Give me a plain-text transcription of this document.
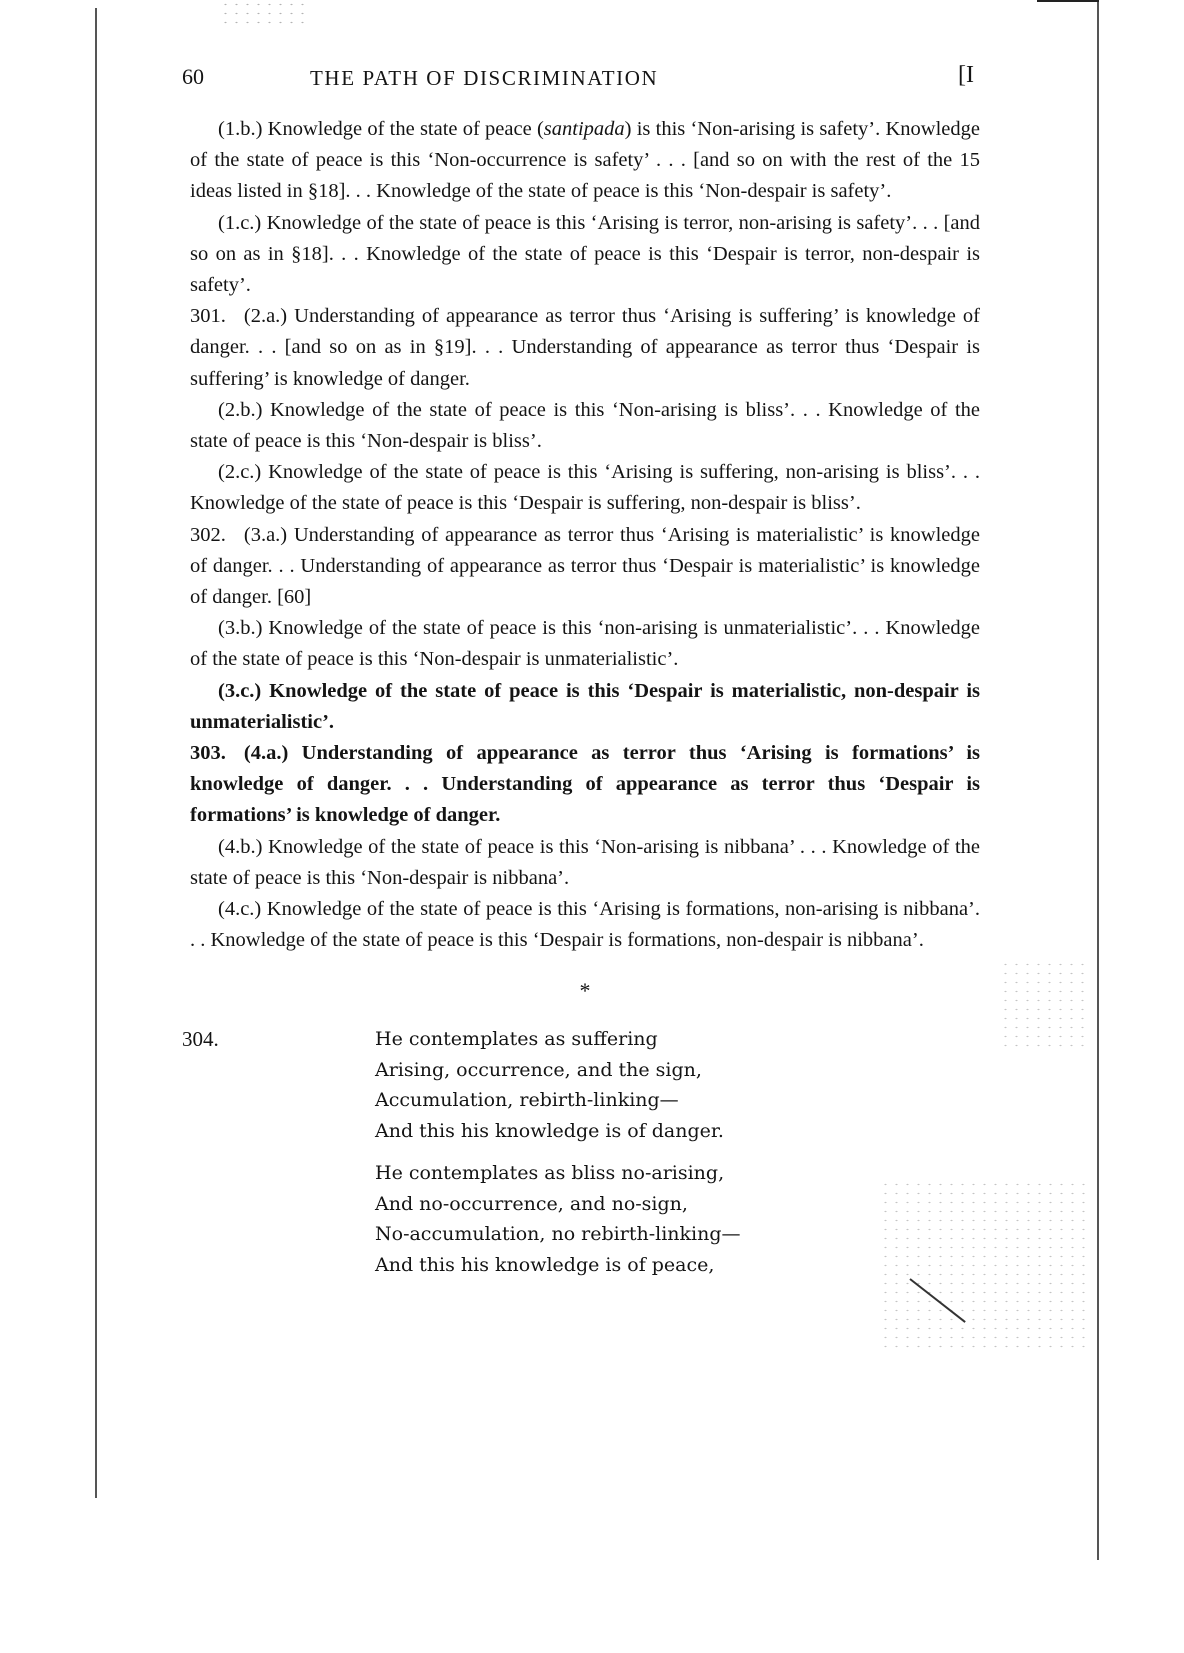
60	THE PATH OF DISCRIMINATION	[I

(1.b.) Knowledge of the state of peace (santipada) is this ‘Non-arising is safety’. Knowledge of the state of peace is this ‘Non-occurrence is safety’ . . . [and so on with the rest of the 15 ideas listed in §18]. . . Knowledge of the state of peace is this ‘Non-despair is safety’.

(1.c.) Knowledge of the state of peace is this ‘Arising is terror, non-arising is safety’. . . [and so on as in §18]. . . Knowledge of the state of peace is this ‘Despair is terror, non-despair is safety’.

301. (2.a.) Understanding of appearance as terror thus ‘Arising is suffering’ is knowledge of danger. . . [and so on as in §19]. . . Understanding of appearance as terror thus ‘Despair is suffering’ is knowledge of danger.

(2.b.) Knowledge of the state of peace is this ‘Non-arising is bliss’. . . Knowledge of the state of peace is this ‘Non-despair is bliss’.

(2.c.) Knowledge of the state of peace is this ‘Arising is suffering, non-arising is bliss’. . . Knowledge of the state of peace is this ‘Despair is suffering, non-despair is bliss’.

302. (3.a.) Understanding of appearance as terror thus ‘Arising is materialistic’ is knowledge of danger. . . Understanding of appearance as terror thus ‘Despair is materialistic’ is knowledge of danger. [60]

(3.b.) Knowledge of the state of peace is this ‘non-arising is unmaterialistic’. . . Knowledge of the state of peace is this ‘Non-despair is unmaterialistic’.

(3.c.) Knowledge of the state of peace is this ‘Despair is materialistic, non-despair is unmaterialistic’.

303. (4.a.) Understanding of appearance as terror thus ‘Arising is formations’ is knowledge of danger. . . Understanding of appearance as terror thus ‘Despair is formations’ is knowledge of danger.

(4.b.) Knowledge of the state of peace is this ‘Non-arising is nibbana’ . . . Knowledge of the state of peace is this ‘Non-despair is nibbana’.

(4.c.) Knowledge of the state of peace is this ‘Arising is formations, non-arising is nibbana’. . . Knowledge of the state of peace is this ‘Despair is formations, non-despair is nibbana’.

*
304.	He contemplates as suffering
Arising, occurrence, and the sign,
Accumulation, rebirth-linking—
And this his knowledge is of danger.
He contemplates as bliss no-arising,
And no-occurrence, and no-sign,
No-accumulation, no rebirth-linking—
And this his knowledge is of peace,
